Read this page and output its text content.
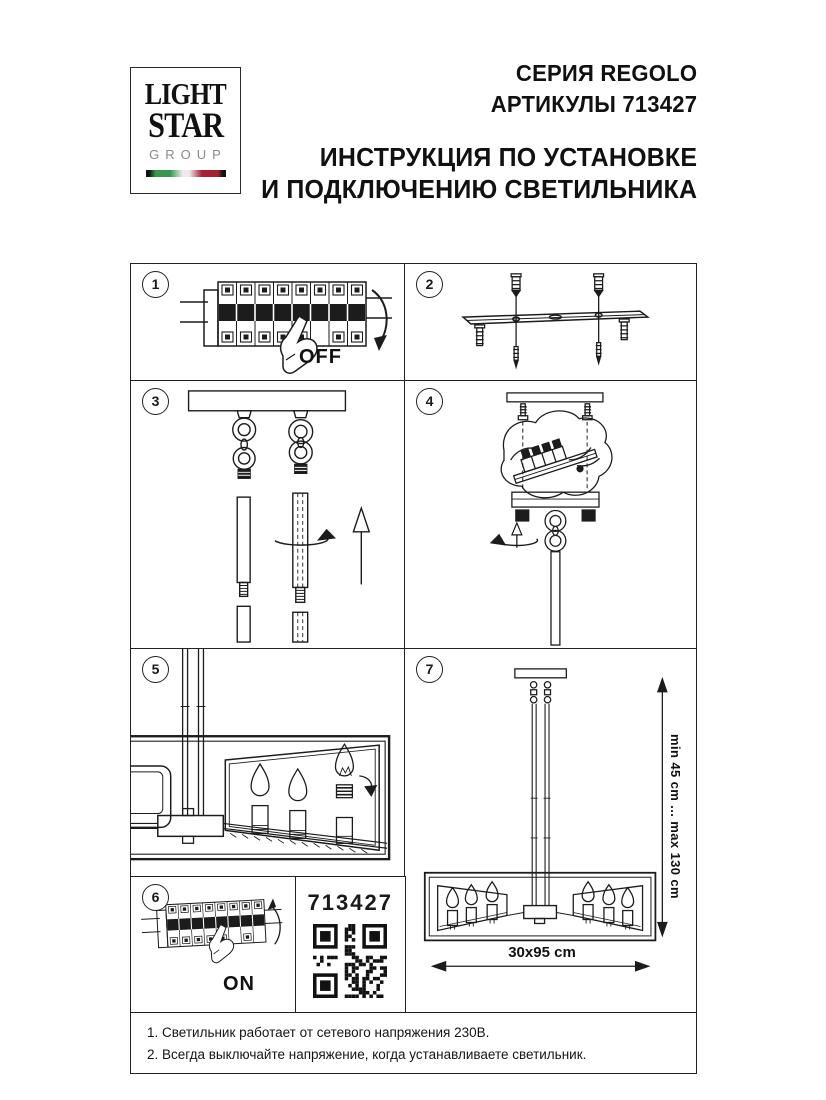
LIGHT STAR
GROUP
СЕРИЯ REGOLO
АРТИКУЛЫ 713427
ИНСТРУКЦИЯ ПО УСТАНОВКЕ
И ПОДКЛЮЧЕНИЮ СВЕТИЛЬНИКА
1
OFF
2
3	4
5	7
min 45 cm ... max 130 cm
30x95 cm
6
ON
713427
1. Светильник работает от сетевого напряжения 230В.
2. Всегда выключайте напряжение, когда устанавливаете светильник.
